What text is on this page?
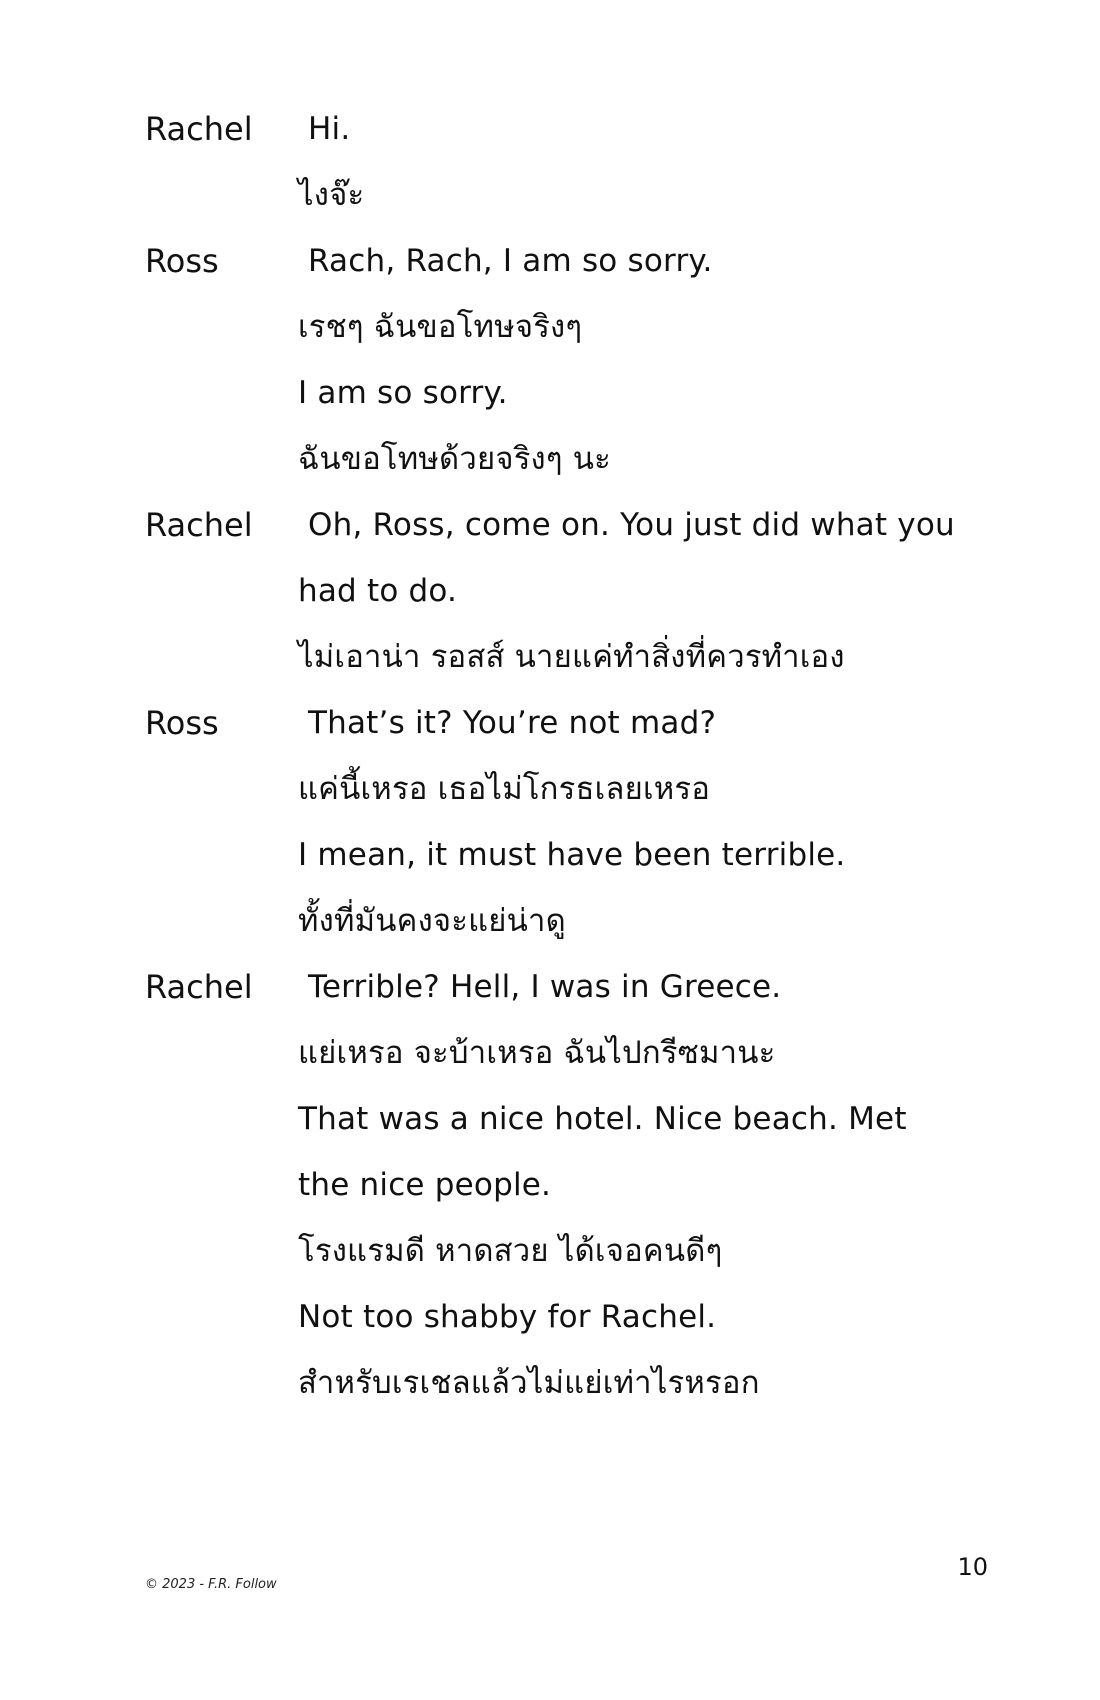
Rachel	Hi.
ไงจ๊ะ
Ross	Rach, Rach, I am so sorry.
เรชๆ ฉันขอโทษจริงๆ
I am so sorry.
ฉันขอโทษด้วยจริงๆ นะ
Rachel	Oh, Ross, come on. You just did what you
had to do.
ไม่เอาน่า รอสส์ นายแค่ทำสิ่งที่ควรทำเอง
Ross	That’s it? You’re not mad?
แค่นี้เหรอ เธอไม่โกรธเลยเหรอ
I mean, it must have been terrible.
ทั้งที่มันคงจะแย่น่าดู
Rachel	Terrible? Hell, I was in Greece.
แย่เหรอ จะบ้าเหรอ ฉันไปกรีซมานะ
That was a nice hotel. Nice beach. Met
the nice people.
โรงแรมดี หาดสวย ได้เจอคนดีๆ
Not too shabby for Rachel.
สำหรับเรเชลแล้วไม่แย่เท่าไรหรอก
© 2023 - F.R. Follow
10
